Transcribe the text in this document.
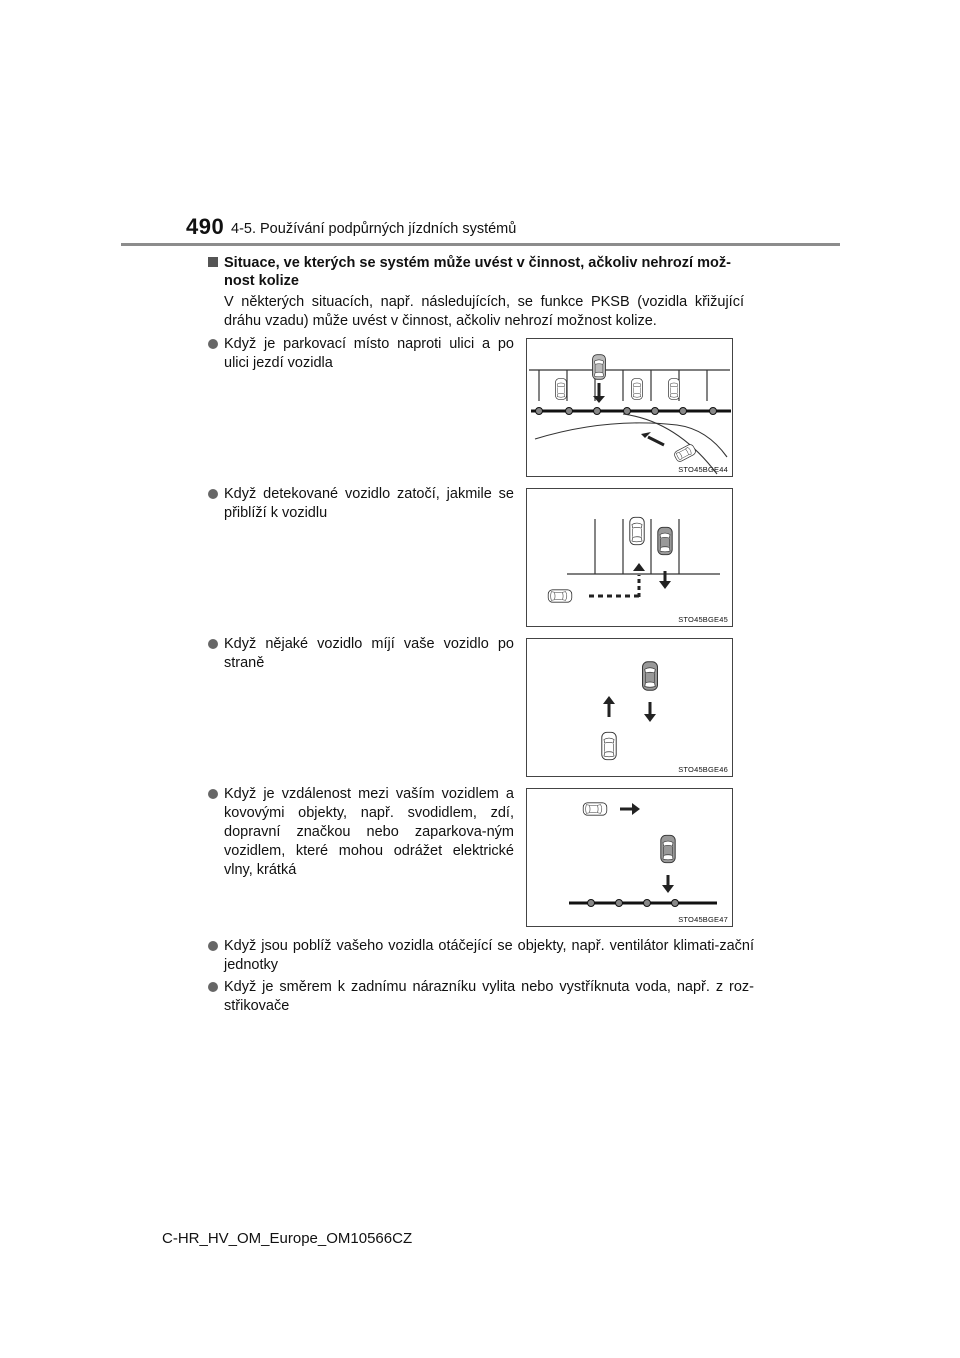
490 4-5. Používání podpůrných jízdních systémů
Situace, ve kterých se systém může uvést v činnost, ačkoliv nehrozí mož-
nost kolize
V některých situacích, např. následujících, se funkce PKSB (vozidla křižující dráhu vzadu) může uvést v činnost, ačkoliv nehrozí možnost kolize.
Když je parkovací místo naproti ulici a po ulici jezdí vozidla
STO45BGE44
Když detekované vozidlo zatočí, jakmile se přiblíží k vozidlu
STO45BGE45
Když nějaké vozidlo míjí vaše vozidlo po straně
STO45BGE46
Když je vzdálenost mezi vaším vozidlem a kovovými objekty, např. svodidlem, zdí, dopravní značkou nebo zaparkova-ným vozidlem, které mohou odrážet elektrické vlny, krátká
STO45BGE47
Když jsou poblíž vašeho vozidla otáčející se objekty, např. ventilátor klimati-zační jednotky
Když je směrem k zadnímu nárazníku vylita nebo vystříknuta voda, např. z roz-střikovače
C-HR_HV_OM_Europe_OM10566CZ
